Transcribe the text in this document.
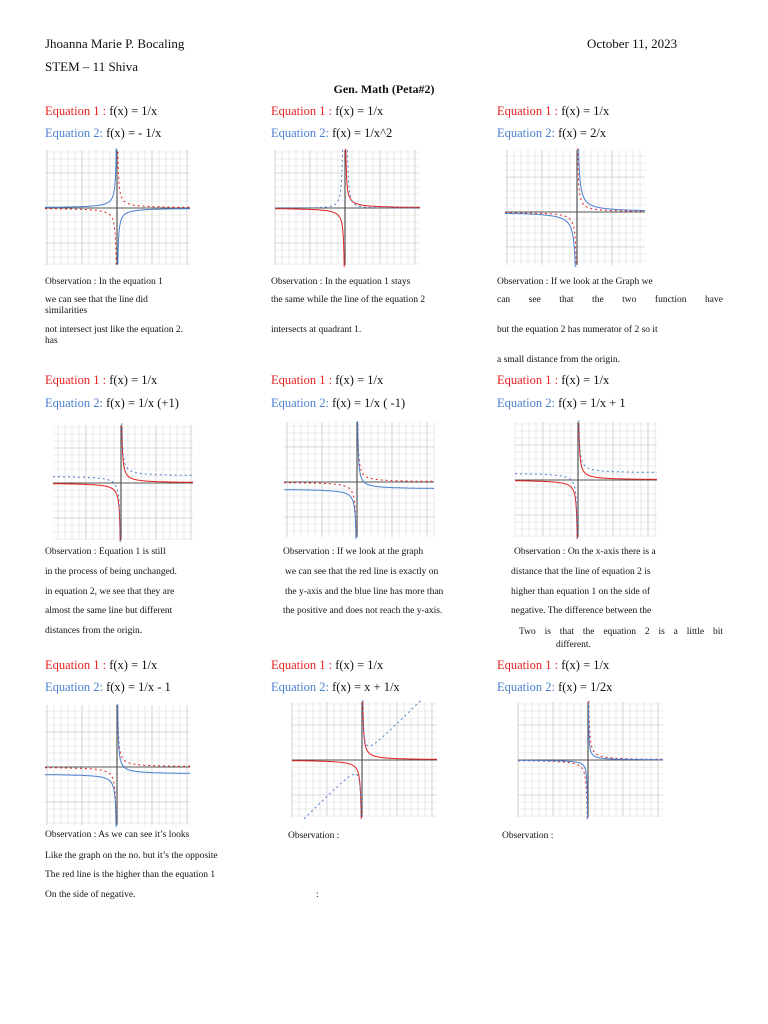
Jhoanna Marie P. Bocaling	October 11, 2023
STEM – 11 Shiva
Gen. Math (Peta#2)
Equation 1 : f(x) = 1/x
Equation 2: f(x) = - 1/x
Observation : In the equation 1
we can see that the line did
similarities
not intersect just like the equation 2.
has
Equation 1 : f(x) = 1/x
Equation 2: f(x) = 1/x^2
Observation : In the equation 1 stays
the same while the line of the equation 2
intersects at quadrant 1.
Equation 1 : f(x) = 1/x
Equation 2: f(x) = 2/x
Observation : If we look at the Graph we
can see that the two function have
but the equation 2 has numerator of 2 so it
a small distance from the origin.
Equation 1 : f(x) = 1/x
Equation 2: f(x) = 1/x (+1)
Observation : Equation 1 is still
in the process of being unchanged.
in equation 2, we see that they are
almost the same line but different
distances from the origin.
Equation 1 : f(x) = 1/x
Equation 2: f(x) = 1/x ( -1)
Observation : If we look at the graph
we can see that the red line is exactly on
the y-axis and the blue line has more than
the positive and does not reach the y-axis.
Equation 1 : f(x) = 1/x
Equation 2: f(x) = 1/x + 1
Observation : On the x-axis there is a
distance that the line of equation 2 is
higher than equation 1 on the side of
negative. The difference between the
Two is that the equation 2 is a little bit
different.
Equation 1 : f(x) = 1/x
Equation 2: f(x) = 1/x - 1
Observation : As we can see it’s looks
Like the graph on the no. but it’s the opposite
The red line is the higher than the equation 1
On the side of negative.
Equation 1 : f(x) = 1/x
Equation 2: f(x) = x + 1/x
Observation :
:
Equation 1 : f(x) = 1/x
Equation 2: f(x) = 1/2x
Observation :
